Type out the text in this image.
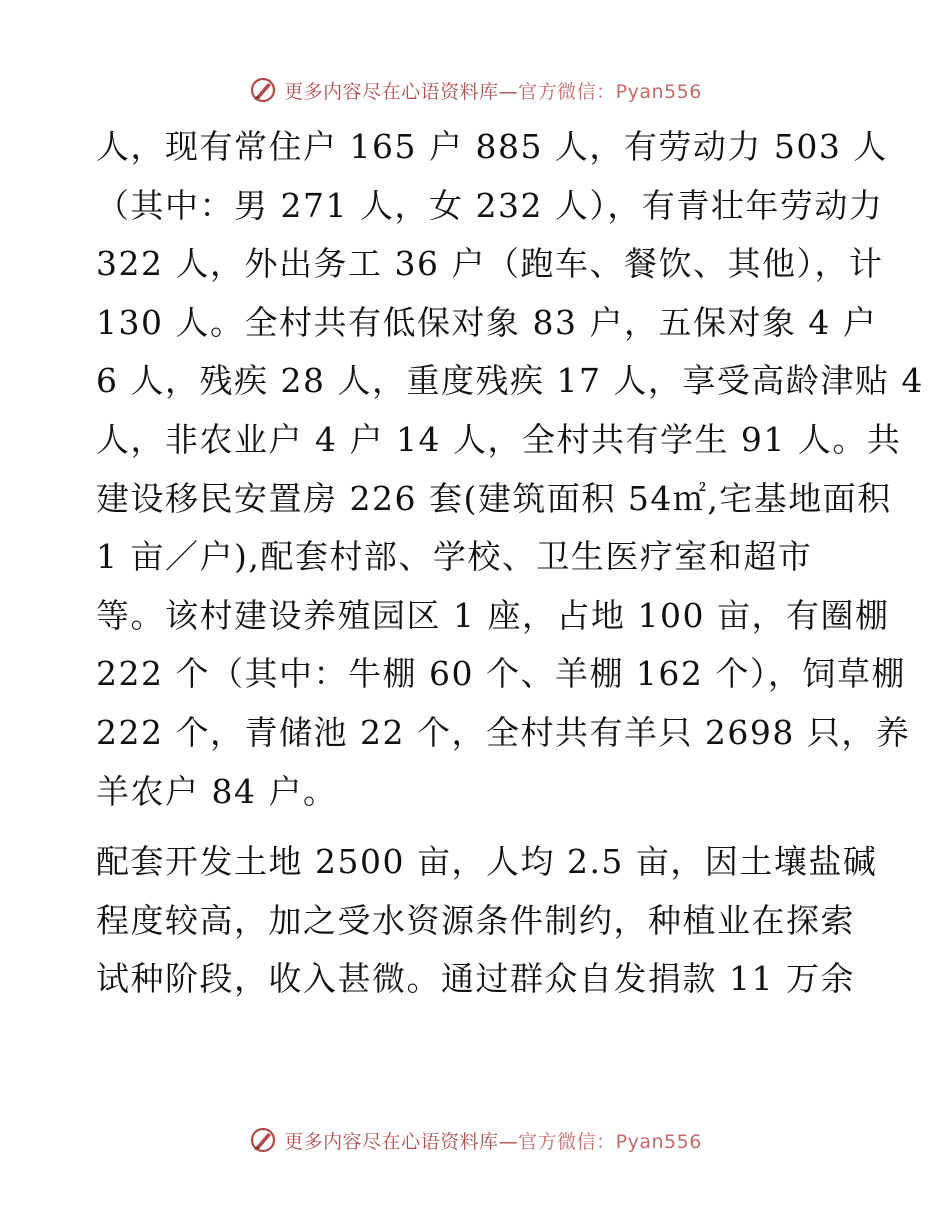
更多内容尽在心语资料库—官方微信：Pyan556
人，现有常住户 165 户 885 人，有劳动力 503 人
（其中：男 271 人，女 232 人），有青壮年劳动力
322 人，外出务工 36 户（跑车、餐饮、其他），计
130 人。全村共有低保对象 83 户，五保对象 4 户
6 人，残疾 28 人，重度残疾 17 人，享受高龄津贴 4
人，非农业户 4 户 14 人，全村共有学生 91 人。共
建设移民安置房 226 套(建筑面积 54㎡,宅基地面积
1 亩／户),配套村部、学校、卫生医疗室和超市
等。该村建设养殖园区 1 座，占地 100 亩，有圈棚
222 个（其中：牛棚 60 个、羊棚 162 个），饲草棚
222 个，青储池 22 个，全村共有羊只 2698 只，养
羊农户 84 户。
配套开发土地 2500 亩，人均 2.5 亩，因土壤盐碱
程度较高，加之受水资源条件制约，种植业在探索
试种阶段，收入甚微。通过群众自发捐款 11 万余
更多内容尽在心语资料库—官方微信：Pyan556
